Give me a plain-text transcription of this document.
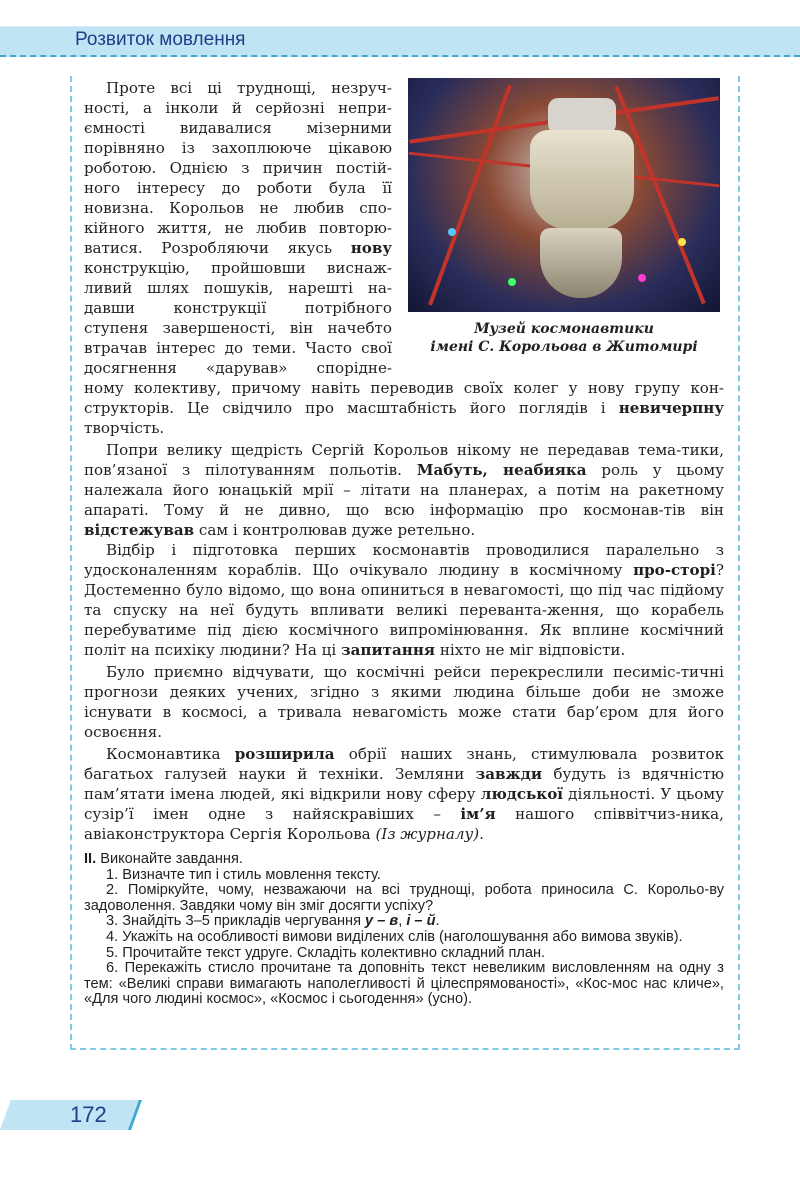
Розвиток мовлення
Музей космонавтики
імені С. Корольова в Житомирі

Проте всі ці труднощі, незруч-

ності, а інколи й серйозні непри-

ємності видавалися мізерними

порівняно із захоплюючe цікавою

роботою. Однією з причин постій-

ного інтересу до роботи була її

новизна. Корольов не любив спо-

кійного життя, не любив повторю-

ватися. Розробляючи якусь нову

конструкцію, пройшовши виснаж-

ливий шлях пошуків, нарешті на-

давши конструкції потрібного

ступеня завершеності, він начебто

втрачав інтерес до теми. Часто свої

досягнення «дарував» споріднe-

ному колективу, причому навіть переводив своїх колег у нову групу кон-

структорів. Це свідчило про масштабність його поглядів і невичерпну

творчість.

Попри велику щедрість Сергій Корольов нікому не передавав тема-тики, пов’язаної з пілотуванням польотів. Мабуть, неабияка роль у цьому належала його юнацькій мрії – літати на планерах, а потім на ракетному апараті. Тому й не дивно, що всю інформацію про космонав-тів він відстежував сам і контролював дуже ретельно.

Відбір і підготовка перших космонавтів проводилися паралельно з удосконаленням кораблів. Що очікувало людину в космічному про-сторі? Достеменно було відомо, що вона опиниться в невагомості, що під час підйому та спуску на неї будуть впливати великі переванта-ження, що корабель перебуватиме під дією космічного випромінювання. Як вплине космічний політ на психіку людини? На ці запитання ніхто не міг відповісти.

Було приємно відчувати, що космічні рейси перекреслили песиміс-тичні прогнози деяких учених, згідно з якими людина більше доби не зможе існувати в космосі, а тривала невагомість може стати бар’єром для його освоєння.

Космонавтика розширила обрії наших знань, стимулювала розвиток багатьох галузей науки й техніки. Земляни завжди будуть із вдячністю пам’ятати імена людей, які відкрили нову сферу людської діяльності. У цьому сузір’ї імен одне з найяскравіших – ім’я нашого співвітчиз-ника, авіаконструктора Сергія Корольова (Із журналу).

II. Виконайте завдання.

1. Визначте тип і стиль мовлення тексту.

2. Поміркуйте, чому, незважаючи на всі труднощі, робота приносила С. Корольо-ву задоволення. Завдяки чому він зміг досягти успіху?

3. Знайдіть 3–5 прикладів чергування у – в, і – й.

4. Укажіть на особливості вимови виділених слів (наголошування або вимова звуків).

5. Прочитайте текст удруге. Складіть колективно складний план.

6. Перекажіть стисло прочитане та доповніть текст невеликим висловленням на одну з тем: «Великі справи вимагають наполегливості й цілеспрямованості», «Кос-мос нас кличе», «Для чого людині космос», «Космос і сьогодення» (усно).

172
